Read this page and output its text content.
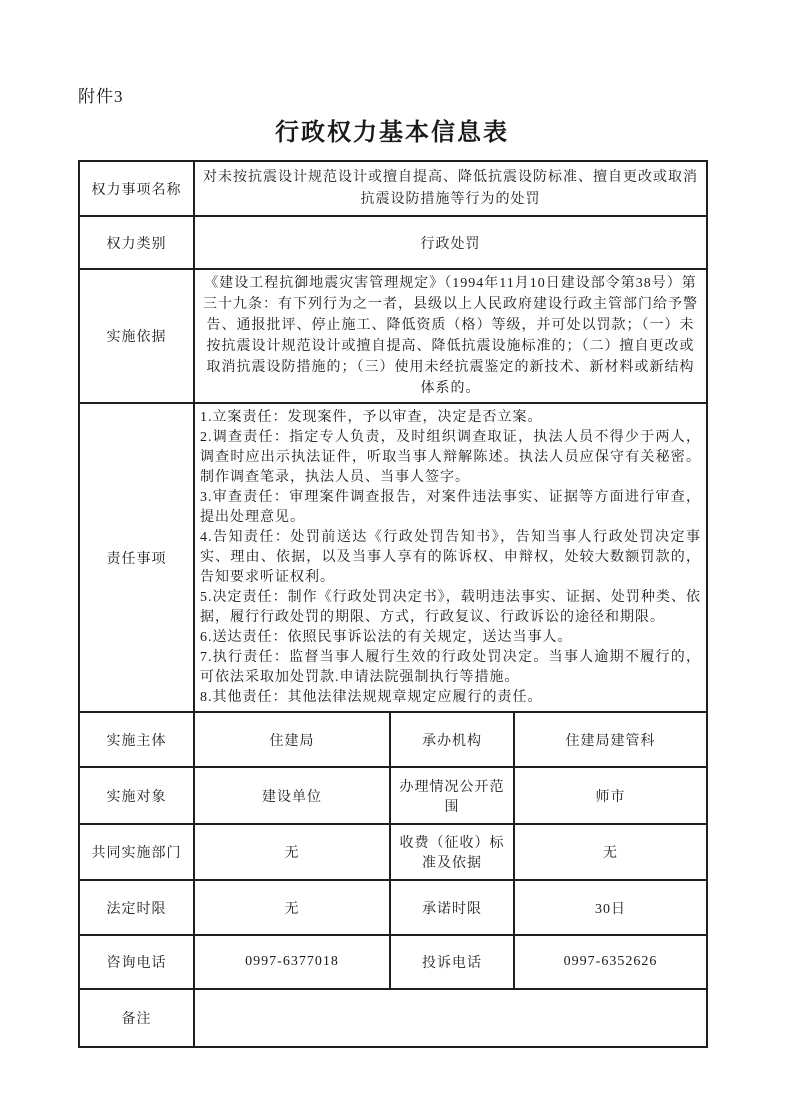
附件3
行政权力基本信息表
权力事项名称	对未按抗震设计规范设计或擅自提高、降低抗震设防标准、擅自更改或取消抗震设防措施等行为的处罚		
权力类别	行政处罚		
实施依据	《建设工程抗御地震灾害管理规定》（1994年11月10日建设部令第38号）第三十九条：有下列行为之一者，县级以上人民政府建设行政主管部门给予警告、通报批评、停止施工、降低资质（格）等级，并可处以罚款；（一）未按抗震设计规范设计或擅自提高、降低抗震设施标准的；（二）擅自更改或取消抗震设防措施的；（三）使用未经抗震鉴定的新技术、新材料或新结构体系的。		
责任事项	
1.立案责任：发现案件，予以审查，决定是否立案。
2.调查责任：指定专人负责，及时组织调查取证，执法人员不得少于两人，调查时应出示执法证件，听取当事人辩解陈述。执法人员应保守有关秘密。制作调查笔录，执法人员、当事人签字。
3.审查责任：审理案件调查报告，对案件违法事实、证据等方面进行审查，提出处理意见。
4.告知责任：处罚前送达《行政处罚告知书》，告知当事人行政处罚决定事实、理由、依据，以及当事人享有的陈诉权、申辩权，处较大数额罚款的，告知要求听证权利。
5.决定责任：制作《行政处罚决定书》，载明违法事实、证据、处罚种类、依据，履行行政处罚的期限、方式，行政复议、行政诉讼的途径和期限。
6.送达责任：依照民事诉讼法的有关规定，送达当事人。
7.执行责任：监督当事人履行生效的行政处罚决定。当事人逾期不履行的，可依法采取加处罚款.申请法院强制执行等措施。
8.其他责任：其他法律法规规章规定应履行的责任。

实施主体	住建局	承办机构	住建局建管科
实施对象	建设单位	办理情况公开范围	师市
共同实施部门	无	收费（征收）标准及依据	无
法定时限	无	承诺时限	30日
咨询电话	0997-6377018	投诉电话	0997-6352626
备注			
